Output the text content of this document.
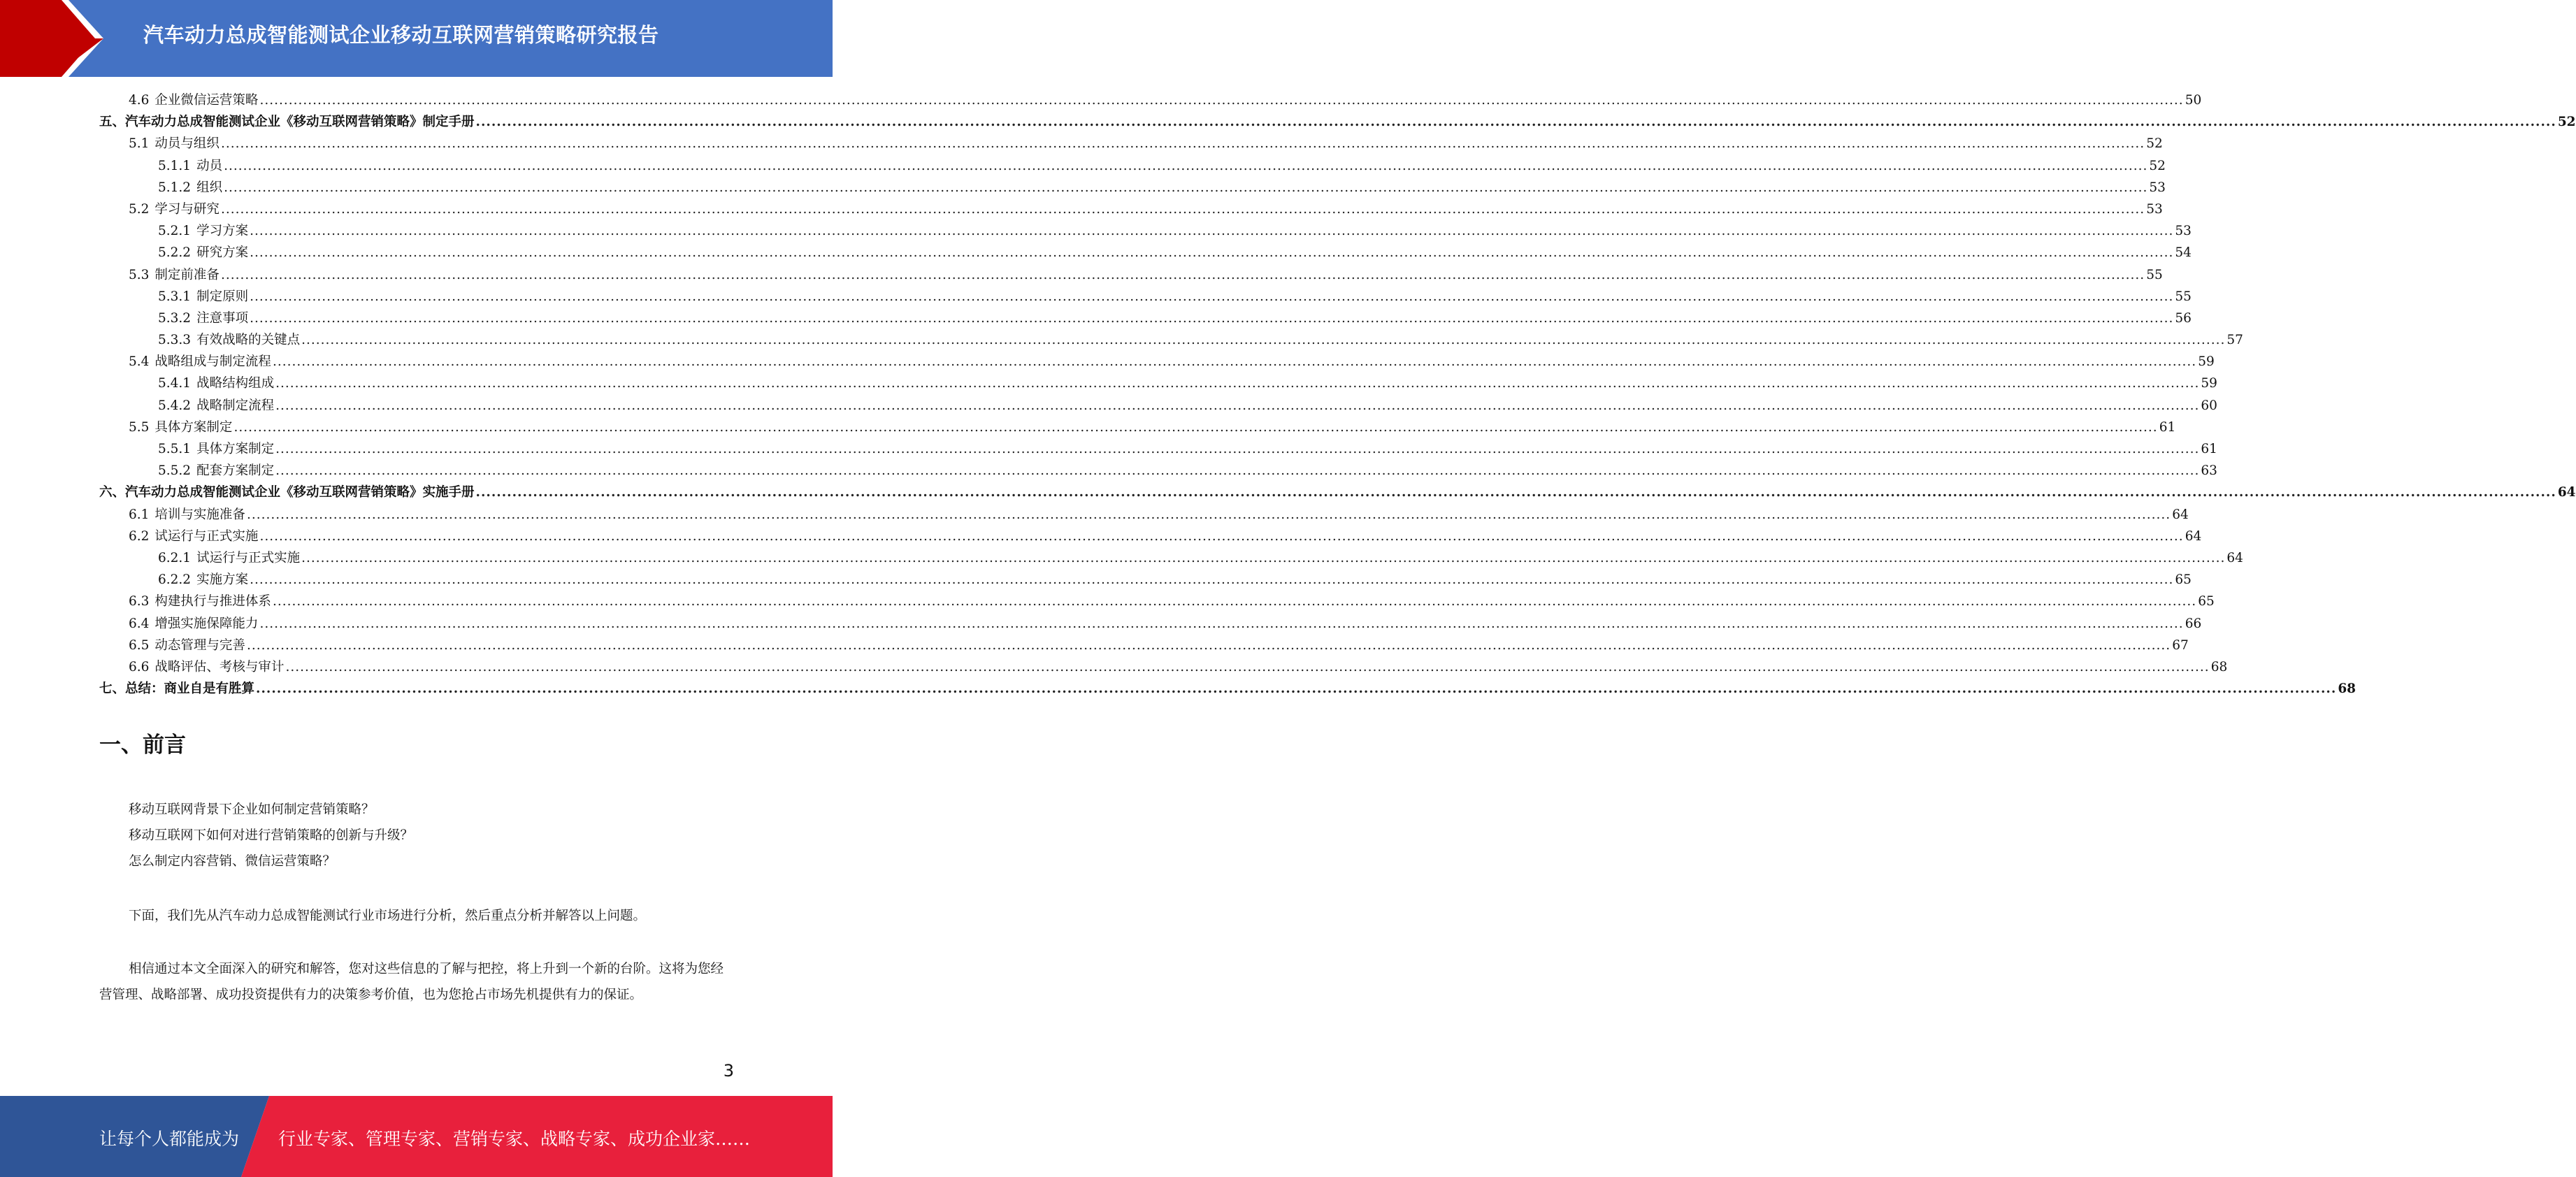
汽车动力总成智能测试企业移动互联网营销策略研究报告
4.6 企业微信运营策略 ................................................................................................................................................................................................................................................................................................................................................................................................................ 50
五、汽车动力总成智能测试企业《移动互联网营销策略》制定手册 ................................................................................................................................................................................................................................................................................................................................................................................................................ 52
5.1 动员与组织 ................................................................................................................................................................................................................................................................................................................................................................................................................ 52
5.1.1 动员 ................................................................................................................................................................................................................................................................................................................................................................................................................ 52
5.1.2 组织 ................................................................................................................................................................................................................................................................................................................................................................................................................ 53
5.2 学习与研究 ................................................................................................................................................................................................................................................................................................................................................................................................................ 53
5.2.1 学习方案 ................................................................................................................................................................................................................................................................................................................................................................................................................ 53
5.2.2 研究方案 ................................................................................................................................................................................................................................................................................................................................................................................................................ 54
5.3 制定前准备 ................................................................................................................................................................................................................................................................................................................................................................................................................ 55
5.3.1 制定原则 ................................................................................................................................................................................................................................................................................................................................................................................................................ 55
5.3.2 注意事项 ................................................................................................................................................................................................................................................................................................................................................................................................................ 56
5.3.3 有效战略的关键点 ................................................................................................................................................................................................................................................................................................................................................................................................................ 57
5.4 战略组成与制定流程 ................................................................................................................................................................................................................................................................................................................................................................................................................ 59
5.4.1 战略结构组成 ................................................................................................................................................................................................................................................................................................................................................................................................................ 59
5.4.2 战略制定流程 ................................................................................................................................................................................................................................................................................................................................................................................................................ 60
5.5 具体方案制定 ................................................................................................................................................................................................................................................................................................................................................................................................................ 61
5.5.1 具体方案制定 ................................................................................................................................................................................................................................................................................................................................................................................................................ 61
5.5.2 配套方案制定 ................................................................................................................................................................................................................................................................................................................................................................................................................ 63
六、汽车动力总成智能测试企业《移动互联网营销策略》实施手册 ................................................................................................................................................................................................................................................................................................................................................................................................................ 64
6.1 培训与实施准备 ................................................................................................................................................................................................................................................................................................................................................................................................................ 64
6.2 试运行与正式实施 ................................................................................................................................................................................................................................................................................................................................................................................................................ 64
6.2.1 试运行与正式实施 ................................................................................................................................................................................................................................................................................................................................................................................................................ 64
6.2.2 实施方案 ................................................................................................................................................................................................................................................................................................................................................................................................................ 65
6.3 构建执行与推进体系 ................................................................................................................................................................................................................................................................................................................................................................................................................ 65
6.4 增强实施保障能力 ................................................................................................................................................................................................................................................................................................................................................................................................................ 66
6.5 动态管理与完善 ................................................................................................................................................................................................................................................................................................................................................................................................................ 67
6.6 战略评估、考核与审计 ................................................................................................................................................................................................................................................................................................................................................................................................................ 68
七、总结：商业自是有胜算 ................................................................................................................................................................................................................................................................................................................................................................................................................ 68
一、前言
移动互联网背景下企业如何制定营销策略？
移动互联网下如何对进行营销策略的创新与升级？
怎么制定内容营销、微信运营策略？
下面，我们先从汽车动力总成智能测试行业市场进行分析，然后重点分析并解答以上问题。
相信通过本文全面深入的研究和解答，您对这些信息的了解与把控，将上升到一个新的台阶。这将为您经营管理、战略部署、成功投资提供有力的决策参考价值，也为您抢占市场先机提供有力的保证。
3
让每个人都能成为 行业专家、管理专家、营销专家、战略专家、成功企业家……
